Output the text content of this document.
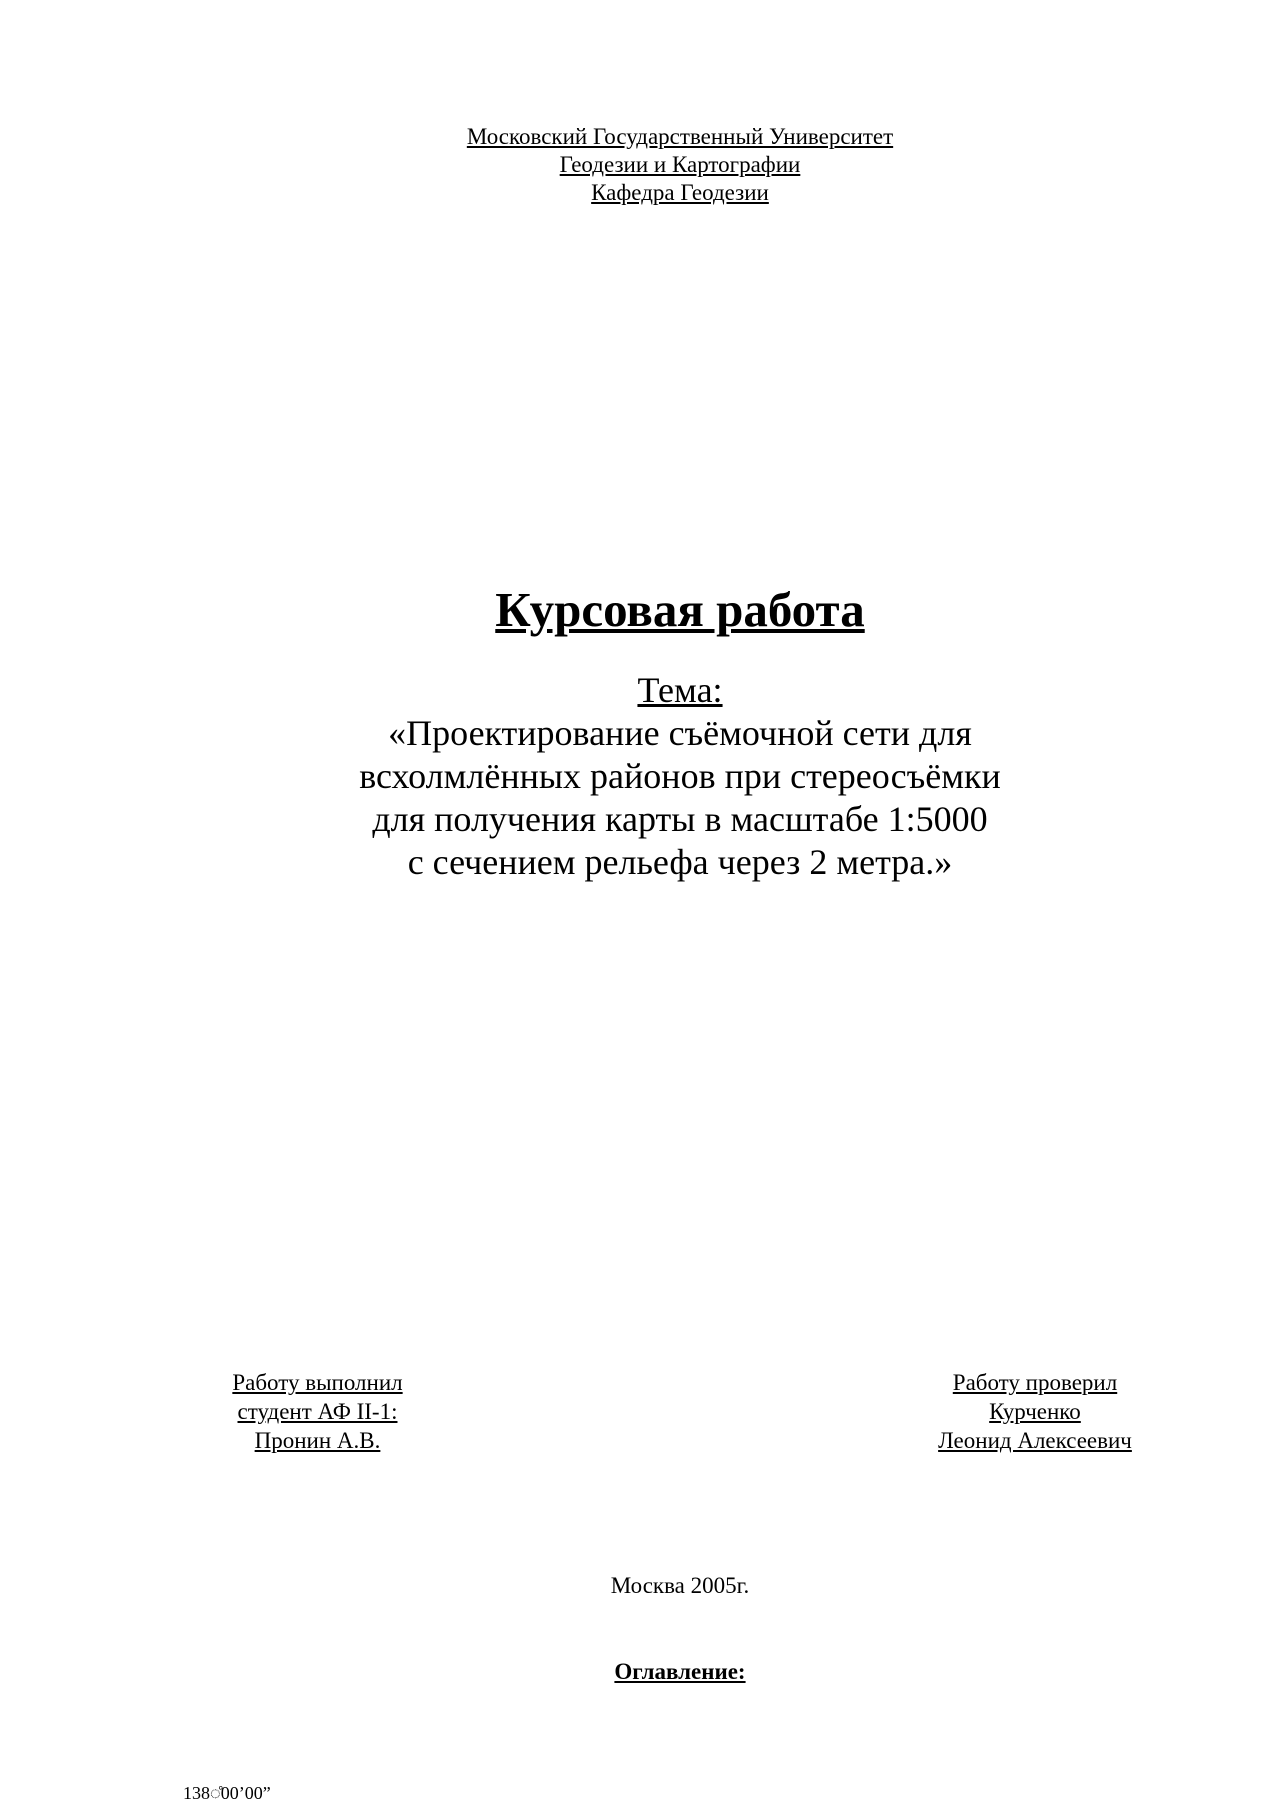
Московский Государственный Университет
Геодезии и Картографии
Кафедра Геодезии
Курсовая работа
Тема:
«Проектирование съёмочной сети для
всхолмлённых районов при стереосъёмки
для получения карты в масштабе 1:5000
с сечением рельефа через 2 метра.»
Работу выполнил
студент АФ II-1:
Пронин А.В.
Работу проверил
Курченко
Леонид Алексеевич
Москва 2005г.
Оглавление:
138◌̊00’00”
